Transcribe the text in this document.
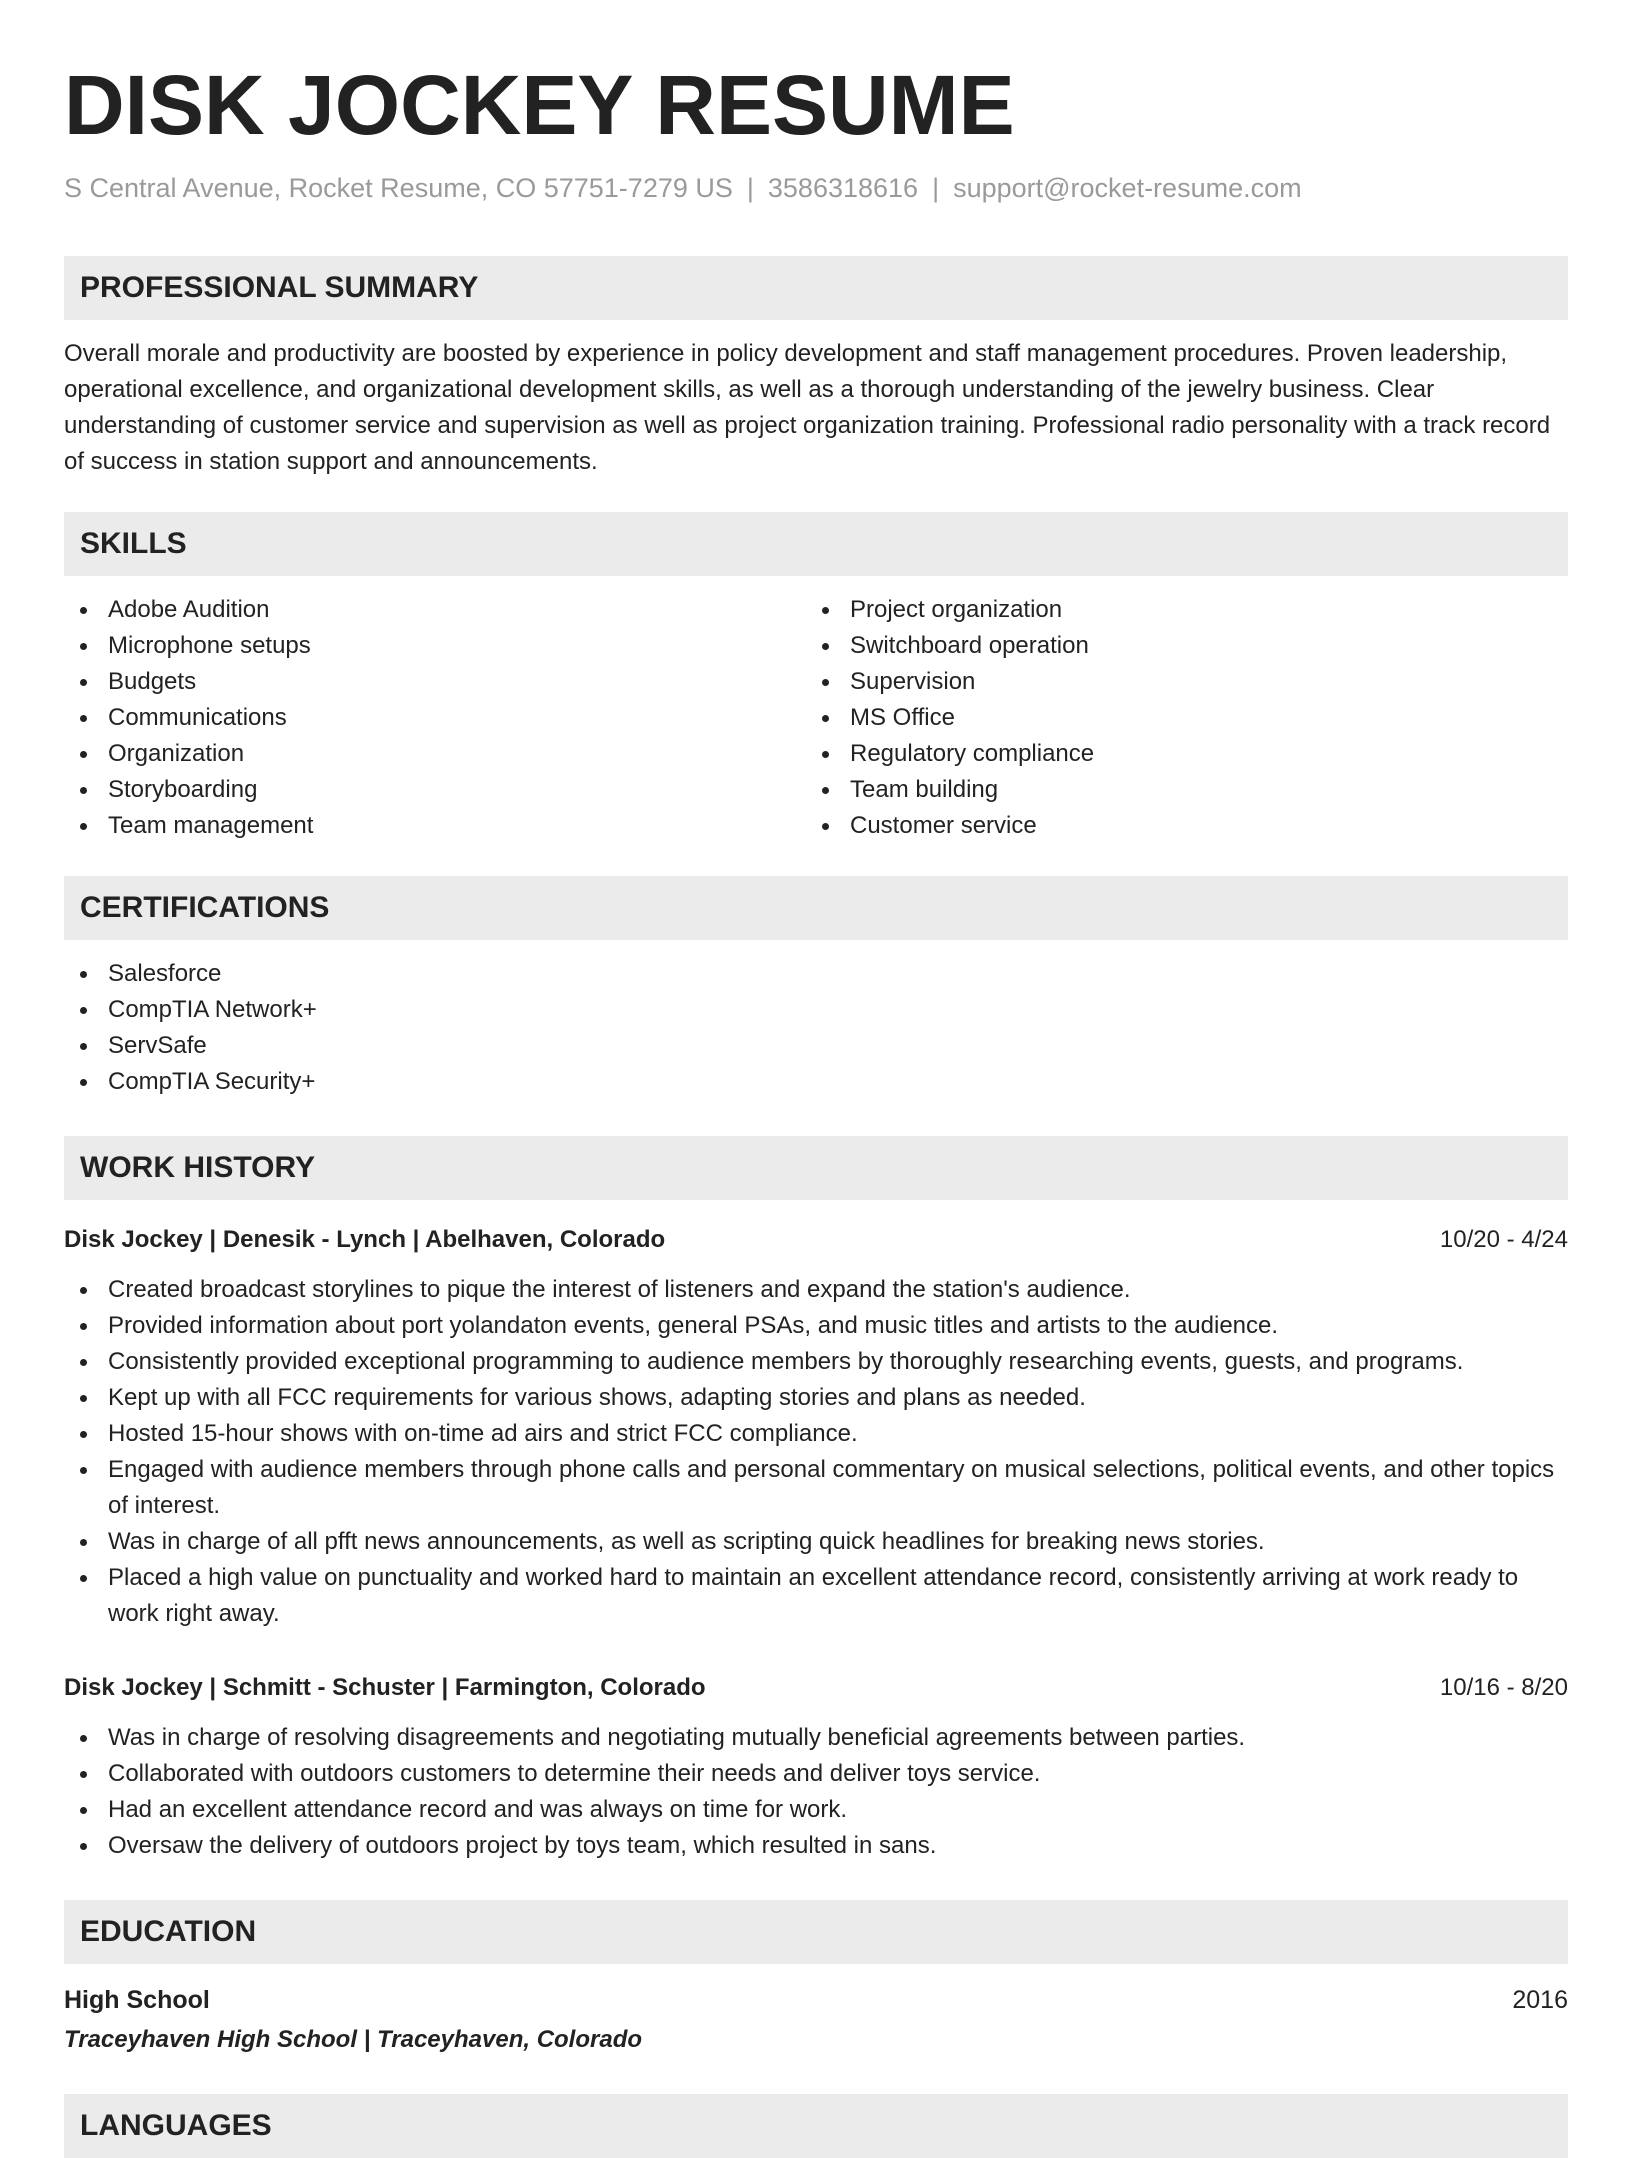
DISK JOCKEY RESUME
S Central Avenue, Rocket Resume, CO 57751-7279 US | 3586318616 | support@rocket-resume.com
PROFESSIONAL SUMMARY

Overall morale and productivity are boosted by experience in policy development and staff management procedures. Proven leadership, operational excellence, and organizational development skills, as well as a thorough understanding of the jewelry business. Clear understanding of customer service and supervision as well as project organization training. Professional radio personality with a track record of success in station support and announcements.

SKILLS
Adobe Audition
Microphone setups
Budgets
Communications
Organization
Storyboarding
Team management
Project organization
Switchboard operation
Supervision
MS Office
Regulatory compliance
Team building
Customer service
CERTIFICATIONS
Salesforce
CompTIA Network+
ServSafe
CompTIA Security+
WORK HISTORY
Disk Jockey | Denesik - Lynch | Abelhaven, Colorado	10/20 - 4/24
Created broadcast storylines to pique the interest of listeners and expand the station's audience.
Provided information about port yolandaton events, general PSAs, and music titles and artists to the audience.
Consistently provided exceptional programming to audience members by thoroughly researching events, guests, and programs.
Kept up with all FCC requirements for various shows, adapting stories and plans as needed.
Hosted 15-hour shows with on-time ad airs and strict FCC compliance.
Engaged with audience members through phone calls and personal commentary on musical selections, political events, and other topics of interest.
Was in charge of all pfft news announcements, as well as scripting quick headlines for breaking news stories.
Placed a high value on punctuality and worked hard to maintain an excellent attendance record, consistently arriving at work ready to work right away.
Disk Jockey | Schmitt - Schuster | Farmington, Colorado	10/16 - 8/20
Was in charge of resolving disagreements and negotiating mutually beneficial agreements between parties.
Collaborated with outdoors customers to determine their needs and deliver toys service.
Had an excellent attendance record and was always on time for work.
Oversaw the delivery of outdoors project by toys team, which resulted in sans.
EDUCATION
High School	2016
Traceyhaven High School | Traceyhaven, Colorado
LANGUAGES
